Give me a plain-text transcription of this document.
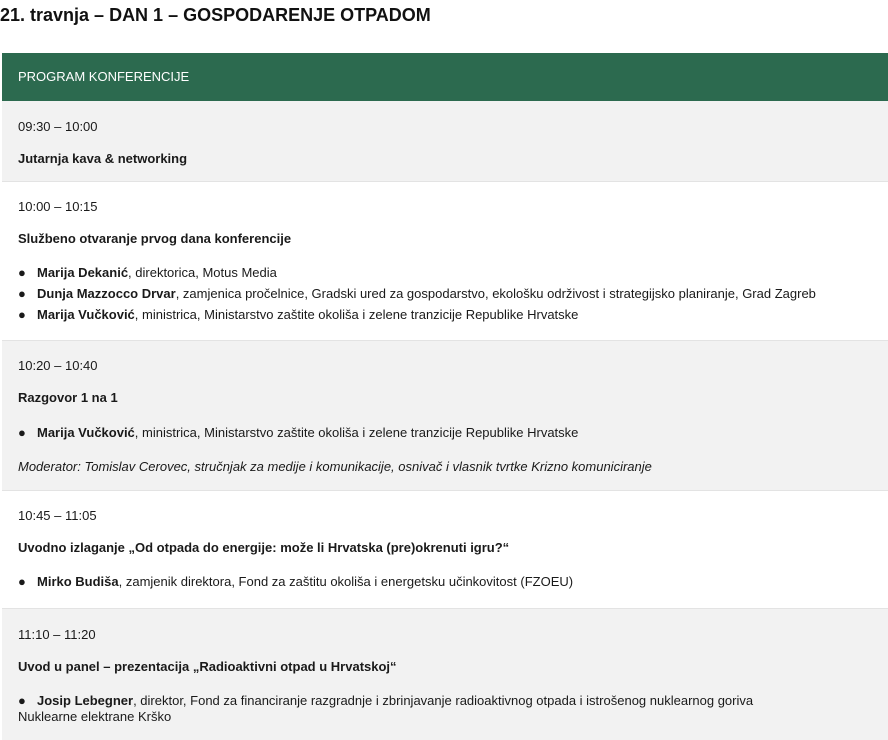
21. travnja – DAN 1 – GOSPODARENJE OTPADOM
PROGRAM KONFERENCIJE
09:30 – 10:00
Jutarnja kava & networking
10:00 – 10:15
Službeno otvaranje prvog dana konferencije
● Marija Dekanić, direktorica, Motus Media
● Dunja Mazzocco Drvar, zamjenica pročelnice, Gradski ured za gospodarstvo, ekološku održivost i strategijsko planiranje, Grad Zagreb
● Marija Vučković, ministrica, Ministarstvo zaštite okoliša i zelene tranzicije Republike Hrvatske
10:20 – 10:40
Razgovor 1 na 1
● Marija Vučković, ministrica, Ministarstvo zaštite okoliša i zelene tranzicije Republike Hrvatske
Moderator: Tomislav Cerovec, stručnjak za medije i komunikacije, osnivač i vlasnik tvrtke Krizno komuniciranje
10:45 – 11:05
Uvodno izlaganje „Od otpada do energije: može li Hrvatska (pre)okrenuti igru?“
● Mirko Budiša, zamjenik direktora, Fond za zaštitu okoliša i energetsku učinkovitost (FZOEU)
11:10 – 11:20
Uvod u panel – prezentacija „Radioaktivni otpad u Hrvatskoj“
● Josip Lebegner, direktor, Fond za financiranje razgradnje i zbrinjavanje radioaktivnog otpada i istrošenog nuklearnog goriva
Nuklearne elektrane Krško
